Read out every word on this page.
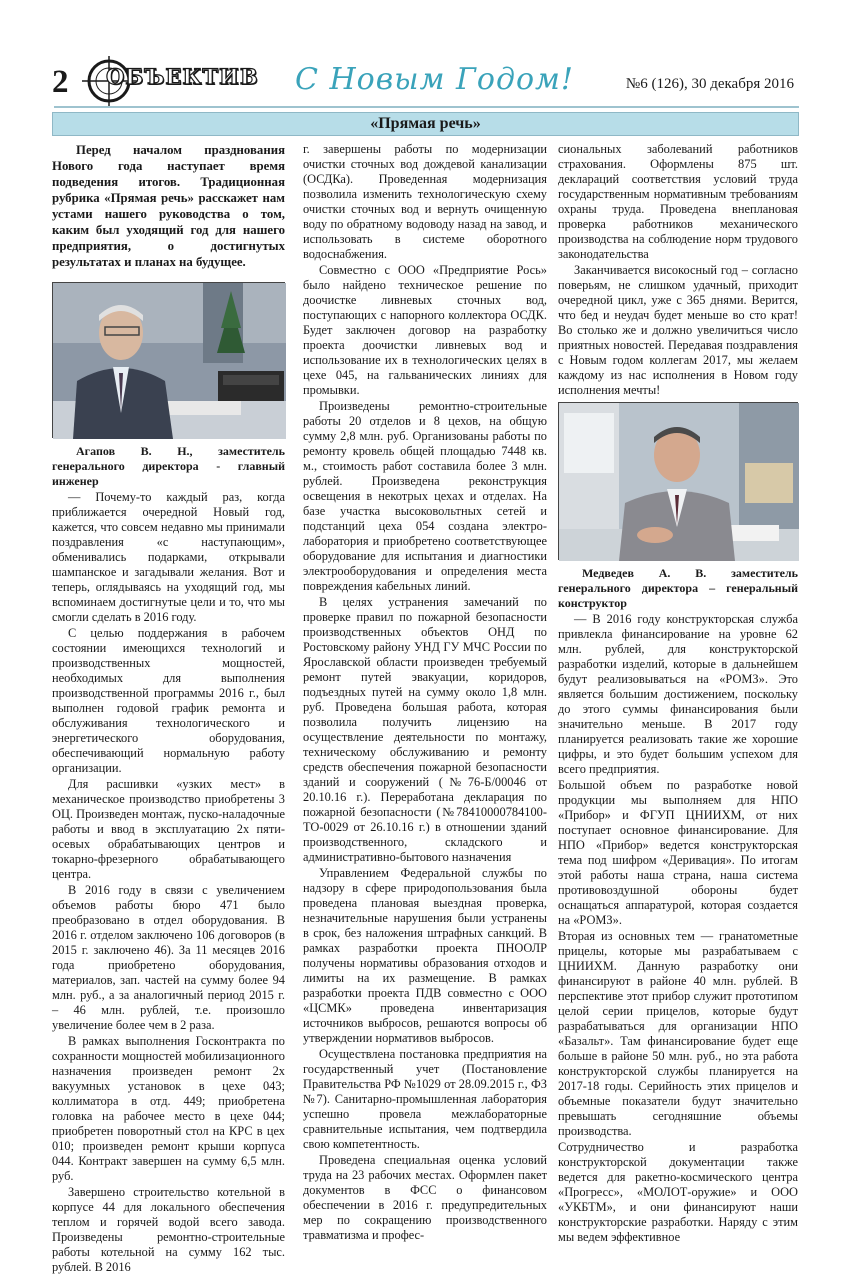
2 ОБЪЕКТИВ С Новым Годом!	№6 (126), 30 декабря 2016
«Прямая речь»

Перед началом празднования Нового года наступает время подведения итогов. Традиционная рубрика «Прямая речь» расскажет нам устами нашего руководства о том, каким был уходящий год для нашего предприятия, о достигнутых результатах и планах на будущее.

Агапов В. Н., заместитель генерального директора - главный инженер

— Почему-то каждый раз, когда приближается очередной Новый год, кажется, что совсем недавно мы принимали поздравления «с наступающим», обменивались подарками, открывали шампанское и загадывали желания. Вот и теперь, оглядываясь на уходящий год, мы вспоминаем достигнутые цели и то, что мы смогли сделать в 2016 году.

С целью поддержания в рабочем состоянии имеющихся технологий и производственных мощностей, необходимых для выполнения производственной программы 2016 г., был выполнен годовой график ремонта и обслуживания технологического и энергетического оборудования, обеспечивающий нормальную работу организации.

Для расшивки «узких мест» в механическое производство приобретены 3 ОЦ. Произведен монтаж, пуско-наладочные работы и ввод в эксплуатацию 2х пяти-осевых обрабатывающих центров и токарно-фрезерного обрабатывающего центра.

В 2016 году в связи с увеличением объемов работы бюро 471 было преобразовано в отдел оборудования. В 2016 г. отделом заключено 106 договоров (в 2015 г. заключено 46). За 11 месяцев 2016 года приобретено оборудования, материалов, зап. частей на сумму более 94 млн. руб., а за аналогичный период 2015 г. – 46 млн. рублей, т.е. произошло увеличение более чем в 2 раза.

В рамках выполнения Госконтракта по сохранности мощностей мобилизационного назначения произведен ремонт 2х вакуумных установок в цехе 043; коллиматора в отд. 449; приобретена головка на рабочее место в цехе 044; приобретен поворотный стол на КРС в цех 010; произведен ремонт крыши корпуса 044. Контракт завершен на сумму 6,5 млн. руб.

Завершено строительство котельной в корпусе 44 для локального обеспечения теплом и горячей водой всего завода. Произведены ремонтно-строительные работы котельной на сумму 162 тыс. рублей. В 2016

г. завершены работы по модернизации очистки сточных вод дождевой канализации (ОСДКа). Проведенная модернизация позволила изменить технологическую схему очистки сточных вод и вернуть очищенную воду по обратному водоводу назад на завод, и использовать в системе оборотного водоснабжения.

Совместно с ООО «Предприятие Рось» было найдено техническое решение по доочистке ливневых сточных вод, поступающих с напорного коллектора ОСДК. Будет заключен договор на разработку проекта доочистки ливневых вод и использование их в технологических целях в цехе 045, на гальванических линиях для промывки.

Произведены ремонтно-строительные работы 20 отделов и 8 цехов, на общую сумму 2,8 млн. руб. Организованы работы по ремонту кровель общей площадью 7448 кв. м., стоимость работ составила более 3 млн. рублей. Произведена реконструкция освещения в некотрых цехах и отделах. На базе участка высоковольтных сетей и подстанций цеха 054 создана электро-лаборатория и приобретено соответствующее оборудование для испытания и диагностики электрооборудования и определения места повреждения кабельных линий.

В целях устранения замечаний по проверке правил по пожарной безопасности производственных объектов ОНД по Ростовскому району УНД ГУ МЧС России по Ярославской области произведен требуемый ремонт путей эвакуации, коридоров, подъездных путей на сумму около 1,8 млн. руб. Проведена большая работа, которая позволила получить лицензию на осуществление деятельности по монтажу, техническому обслуживанию и ремонту средств обеспечения пожарной безопасности зданий и сооружений (№76-Б/00046 от 20.10.16 г.). Переработана декларация по пожарной безопасности (№78410000784100-ТО-0029 от 26.10.16 г.) в отношении зданий производственного, складского и административно-бытового назначения

Управлением Федеральной службы по надзору в сфере природопользования была проведена плановая выездная проверка, незначительные нарушения были устранены в срок, без наложения штрафных санкций. В рамках разработки проекта ПНООЛР получены нормативы образования отходов и лимиты на их размещение. В рамках разработки проекта ПДВ совместно с ООО «ЦСМК» проведена инвентаризация источников выбросов, решаются вопросы об утверждении нормативов выбросов.

Осуществлена постановка предприятия на государственный учет (Постановление Правительства РФ №1029 от 28.09.2015 г., ФЗ №7). Санитарно-промышленная лаборатория успешно провела межлабораторные сравнительные испытания, чем подтвердила свою компетентность.

Проведена специальная оценка условий труда на 23 рабочих местах. Оформлен пакет документов в ФСС о финансовом обеспечении в 2016 г. предупредительных мер по сокращению производственного травматизма и профес-

сиональных заболеваний работников страхования. Оформлены 875 шт. деклараций соответствия условий труда государственным нормативным требованиям охраны труда. Проведена внеплановая проверка работников механического производства на соблюдение норм трудового законодательства

Заканчивается високосный год – согласно поверьям, не слишком удачный, приходит очередной цикл, уже с 365 днями. Верится, что бед и неудач будет меньше во сто крат! Во столько же и должно увеличиться число приятных новостей. Передавая поздравления с Новым годом коллегам 2017, мы желаем каждому из нас исполнения в Новом году исполнения мечты!

Медведев А. В. заместитель генерального директора – генеральный конструктор

— В 2016 году конструкторская служба привлекла финансирование на уровне 62 млн. рублей, для конструкторской разработки изделий, которые в дальнейшем будут реализовываться на «РОМЗ». Это является большим достижением, поскольку до этого суммы финансирования были значительно меньше. В 2017 году планируется реализовать такие же хорошие цифры, и это будет большим успехом для всего предприятия.

Большой объем по разработке новой продукции мы выполняем для НПО «Прибор» и ФГУП ЦНИИХМ, от них поступает основное финансирование. Для НПО «Прибор» ведется конструкторская тема под шифром «Деривация». По итогам этой работы наша страна, наша система противовоздушной обороны будет оснащаться аппаратурой, которая создается на «РОМЗ».

Вторая из основных тем — гранатометные прицелы, которые мы разрабатываем с ЦНИИХМ. Данную разработку они финансируют в районе 40 млн. рублей. В перспективе этот прибор служит прототипом целой серии прицелов, которые будут разрабатываться для организации НПО «Базальт». Там финансирование будет еще больше в районе 50 млн. руб., но эта работа конструкторской службы планируется на 2017-18 годы. Серийность этих прицелов и объемные показатели будут значительно превышать сегодняшние объемы производства.

Сотрудничество и разработка конструкторской документации также ведется для ракетно-космического центра «Прогресс», «МОЛОТ-оружие» и ООО «УКБТМ», и они финансируют наши конструкторские разработки. Наряду с этим мы ведем эффективное
